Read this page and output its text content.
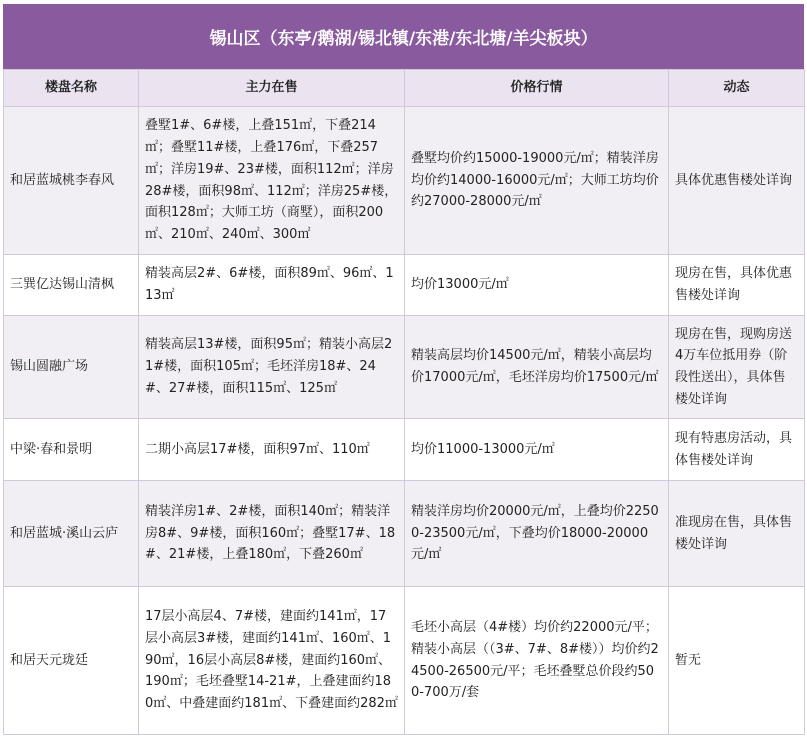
锡山区（东亭/鹅湖/锡北镇/东港/东北塘/羊尖板块）
楼盘名称	主力在售	价格行情	动态
和居蓝城桃李春风	叠墅1#、6#楼，上叠151㎡，下叠214㎡；叠墅11#楼，上叠176㎡，下叠257㎡；洋房19#、23#楼，面积112㎡；洋房28#楼，面积98㎡、112㎡；洋房25#楼，面积128㎡；大师工坊（商墅），面积200㎡、210㎡、240㎡、300㎡	叠墅均价约15000-19000元/㎡；精装洋房均价约14000-16000元/㎡；大师工坊均价约27000-28000元/㎡	具体优惠售楼处详询
三巽亿达锡山清枫	精装高层2#、6#楼，面积89㎡、96㎡、113㎡	均价13000元/㎡	现房在售，具体优惠售楼处详询
锡山圆融广场	精装高层13#楼，面积95㎡；精装小高层21#楼，面积105㎡；毛坯洋房18#、24#、27#楼，面积115㎡、125㎡	精装高层均价14500元/㎡，精装小高层均价17000元/㎡，毛坯洋房均价17500元/㎡	现房在售，现购房送4万车位抵用券（阶段性送出），具体售楼处详询
中梁·春和景明	二期小高层17#楼，面积97㎡、110㎡	均价11000-13000元/㎡	现有特惠房活动，具体售楼处详询
和居蓝城·溪山云庐	精装洋房1#、2#楼，面积140㎡；精装洋房8#、9#楼，面积160㎡；叠墅17#、18#、21#楼，上叠180㎡，下叠260㎡	精装洋房均价20000元/㎡，上叠均价22500-23500元/㎡，下叠均价18000-20000元/㎡	准现房在售，具体售楼处详询
和居天元珑廷	17层小高层4、7#楼，建面约141㎡，17层小高层3#楼，建面约141㎡、160㎡、190㎡，16层小高层8#楼，建面约160㎡、190㎡；毛坯叠墅14-21#，上叠建面约180㎡、中叠建面约181㎡、下叠建面约282㎡	毛坯小高层（4#楼）均价约22000元/平；精装小高层（（3#、7#、8#楼））均价约24500-26500元/平；毛坯叠墅总价段约500-700万/套	暂无
